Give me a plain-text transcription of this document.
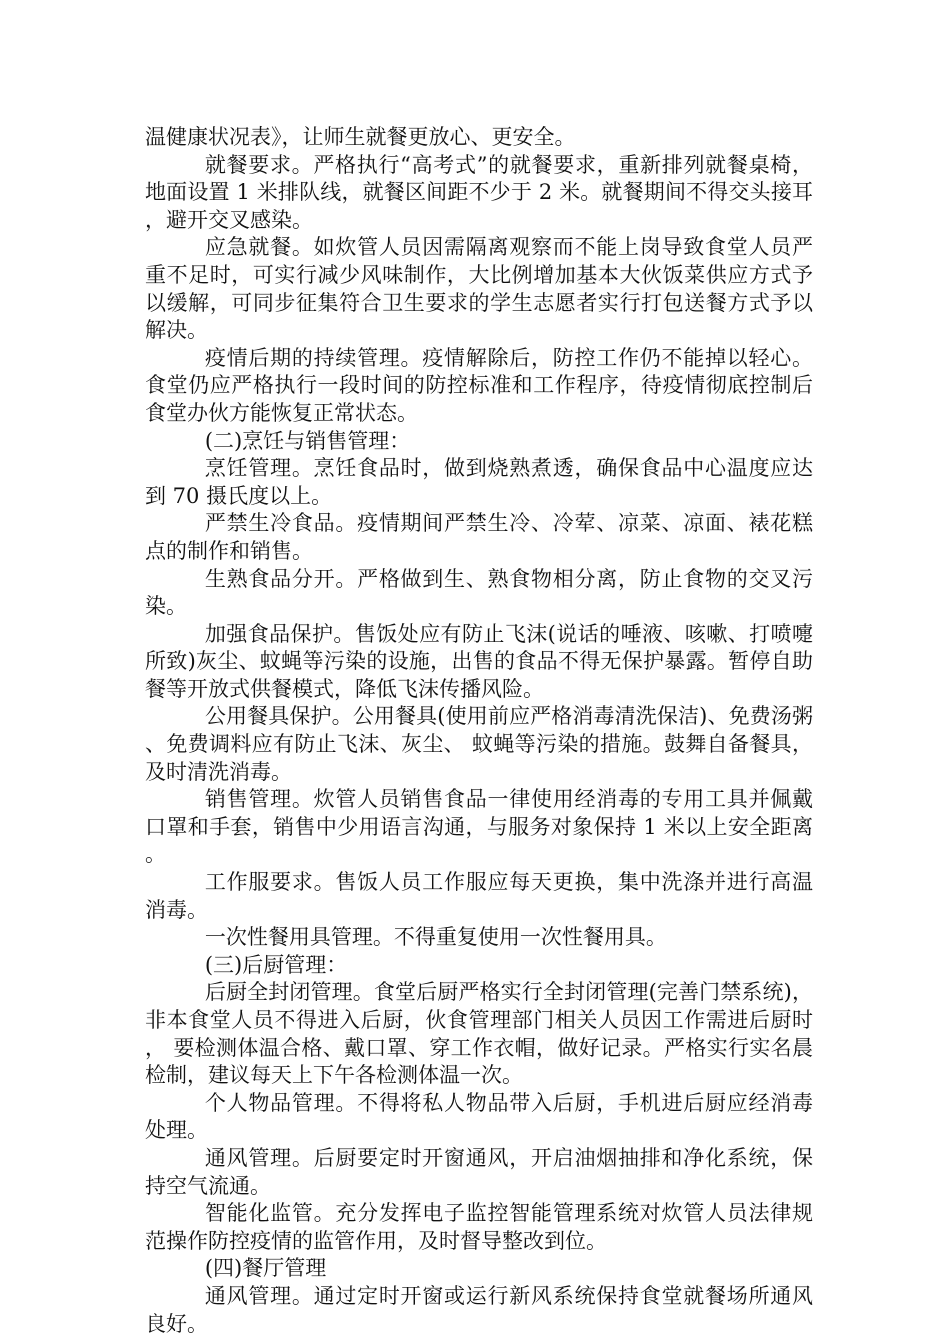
温健康状况表》，让师生就餐更放心、更安全。

就餐要求。严格执行“高考式”的就餐要求，重新排列就餐桌椅，地面设置 1 米排队线，就餐区间距不少于 2 米。就餐期间不得交头接耳，避开交叉感染。

应急就餐。如炊管人员因需隔离观察而不能上岗导致食堂人员严重不足时，可实行减少风味制作，大比例增加基本大伙饭菜供应方式予以缓解，可同步征集符合卫生要求的学生志愿者实行打包送餐方式予以解决。

疫情后期的持续管理。疫情解除后，防控工作仍不能掉以轻心。食堂仍应严格执行一段时间的防控标准和工作程序，待疫情彻底控制后食堂办伙方能恢复正常状态。

(二)烹饪与销售管理：

烹饪管理。烹饪食品时，做到烧熟煮透，确保食品中心温度应达到 70 摄氏度以上。

严禁生冷食品。疫情期间严禁生冷、冷荤、凉菜、凉面、裱花糕点的制作和销售。

生熟食品分开。严格做到生、熟食物相分离，防止食物的交叉污染。

加强食品保护。售饭处应有防止飞沫(说话的唾液、咳嗽、打喷嚏所致)灰尘、蚊蝇等污染的设施，出售的食品不得无保护暴露。暂停自助餐等开放式供餐模式，降低飞沫传播风险。

公用餐具保护。公用餐具(使用前应严格消毒清洗保洁)、免费汤粥、免费调料应有防止飞沫、灰尘、 蚊蝇等污染的措施。鼓舞自备餐具，及时清洗消毒。

销售管理。炊管人员销售食品一律使用经消毒的专用工具并佩戴口罩和手套，销售中少用语言沟通，与服务对象保持 1 米以上安全距离。

工作服要求。售饭人员工作服应每天更换，集中洗涤并进行高温消毒。

一次性餐用具管理。不得重复使用一次性餐用具。

(三)后厨管理：

后厨全封闭管理。食堂后厨严格实行全封闭管理(完善门禁系统)，非本食堂人员不得进入后厨，伙食管理部门相关人员因工作需进后厨时， 要检测体温合格、戴口罩、穿工作衣帽，做好记录。严格实行实名晨检制，建议每天上下午各检测体温一次。

个人物品管理。不得将私人物品带入后厨，手机进后厨应经消毒处理。

通风管理。后厨要定时开窗通风，开启油烟抽排和净化系统，保持空气流通。

智能化监管。充分发挥电子监控智能管理系统对炊管人员法律规范操作防控疫情的监管作用，及时督导整改到位。

(四)餐厅管理

通风管理。通过定时开窗或运行新风系统保持食堂就餐场所通风良好。
